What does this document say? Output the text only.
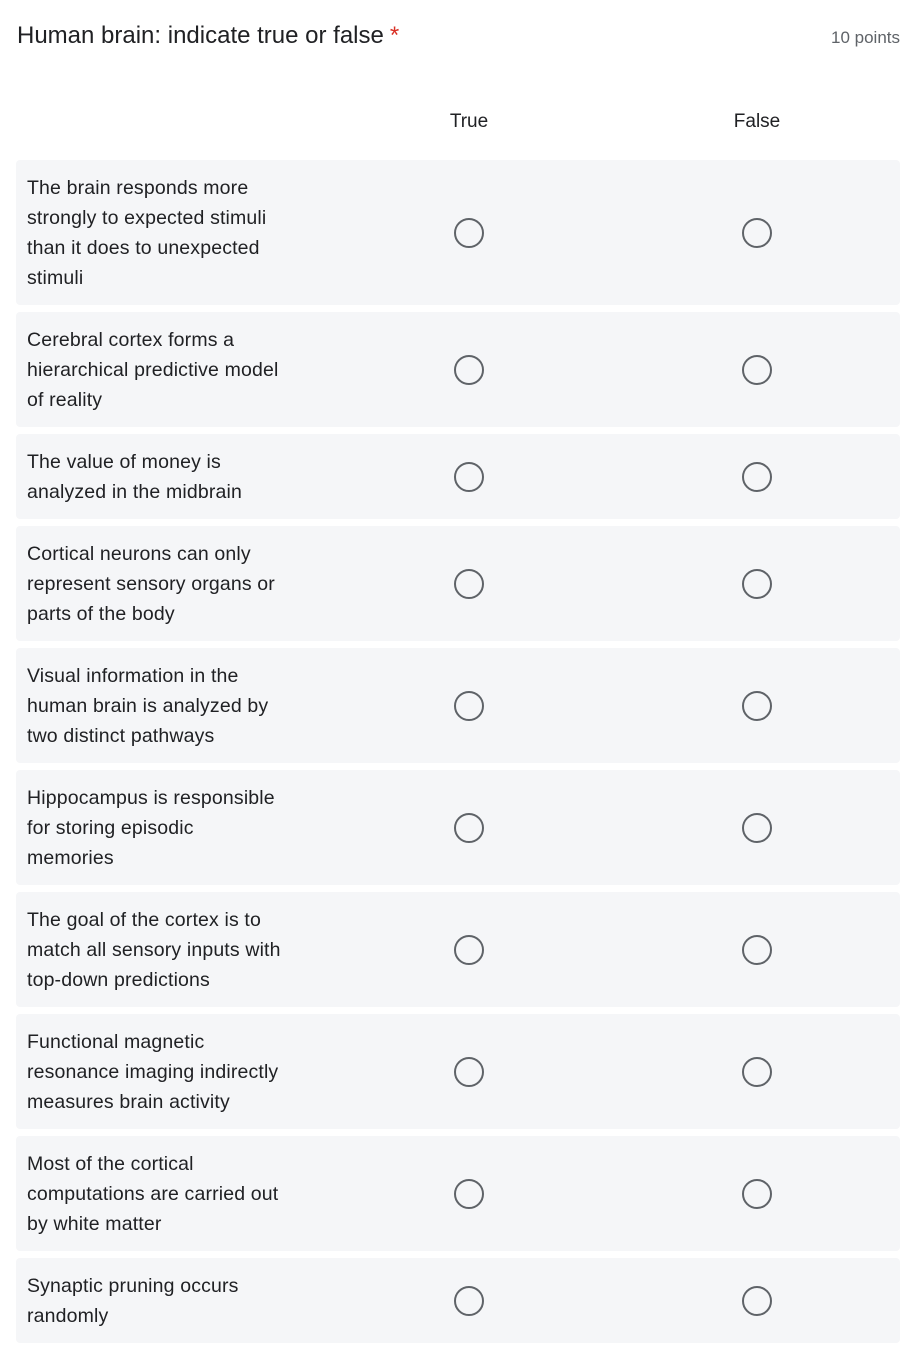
Human brain: indicate true or false *	10 points
True	False
The brain responds more
strongly to expected stimuli
than it does to unexpected
stimuli
Cerebral cortex forms a
hierarchical predictive model
of reality
The value of money is
analyzed in the midbrain
Cortical neurons can only
represent sensory organs or
parts of the body
Visual information in the
human brain is analyzed by
two distinct pathways
Hippocampus is responsible
for storing episodic
memories
The goal of the cortex is to
match all sensory inputs with
top-down predictions
Functional magnetic
resonance imaging indirectly
measures brain activity
Most of the cortical
computations are carried out
by white matter
Synaptic pruning occurs
randomly
